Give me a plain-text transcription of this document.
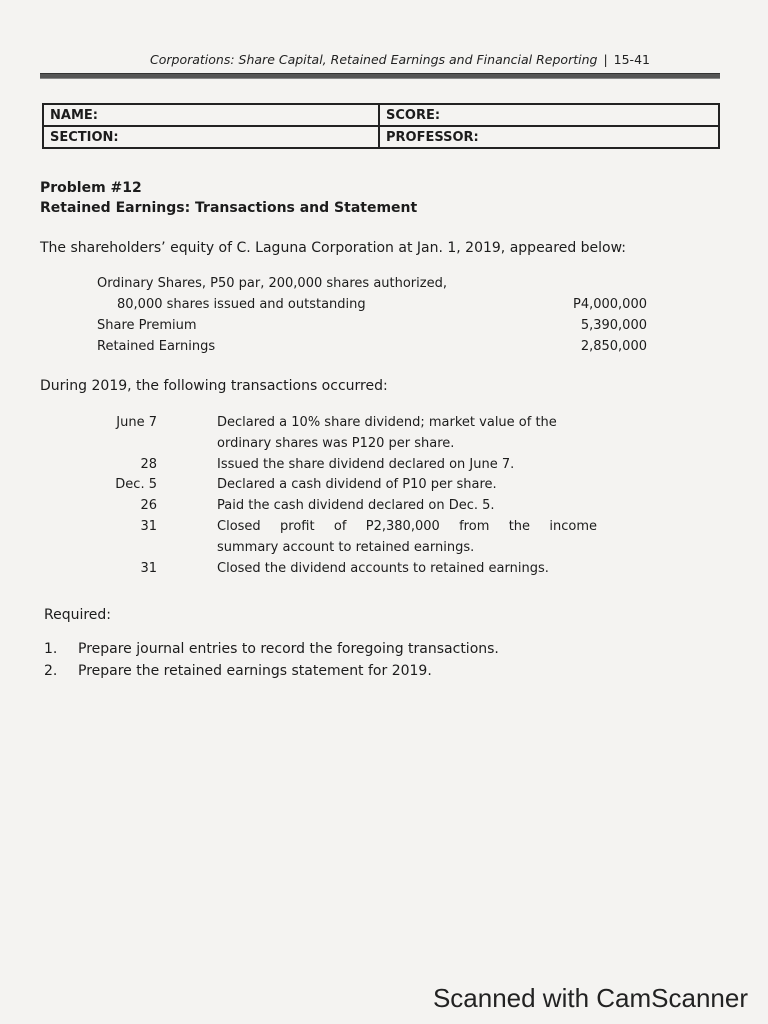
Corporations: Share Capital, Retained Earnings and Financial Reporting | 15-41
NAME:	SCORE:
SECTION:	PROFESSOR:
Problem #12
Retained Earnings: Transactions and Statement
The shareholders’ equity of C. Laguna Corporation at Jan. 1, 2019, appeared below:
Ordinary Shares, P50 par, 200,000 shares authorized,
80,000 shares issued and outstanding	P4,000,000
Share Premium	5,390,000
Retained Earnings	2,850,000
During 2019, the following transactions occurred:
June 7	Declared a 10% share dividend; market value of the
ordinary shares was P120 per share.
28	Issued the share dividend declared on June 7.
Dec. 5	Declared a cash dividend of P10 per share.
26	Paid the cash dividend declared on Dec. 5.
31	Closed profit of P2,380,000 from the income
summary account to retained earnings.
31	Closed the dividend accounts to retained earnings.
Required:
1. Prepare journal entries to record the foregoing transactions.
2. Prepare the retained earnings statement for 2019.
Scanned with CamScanner
